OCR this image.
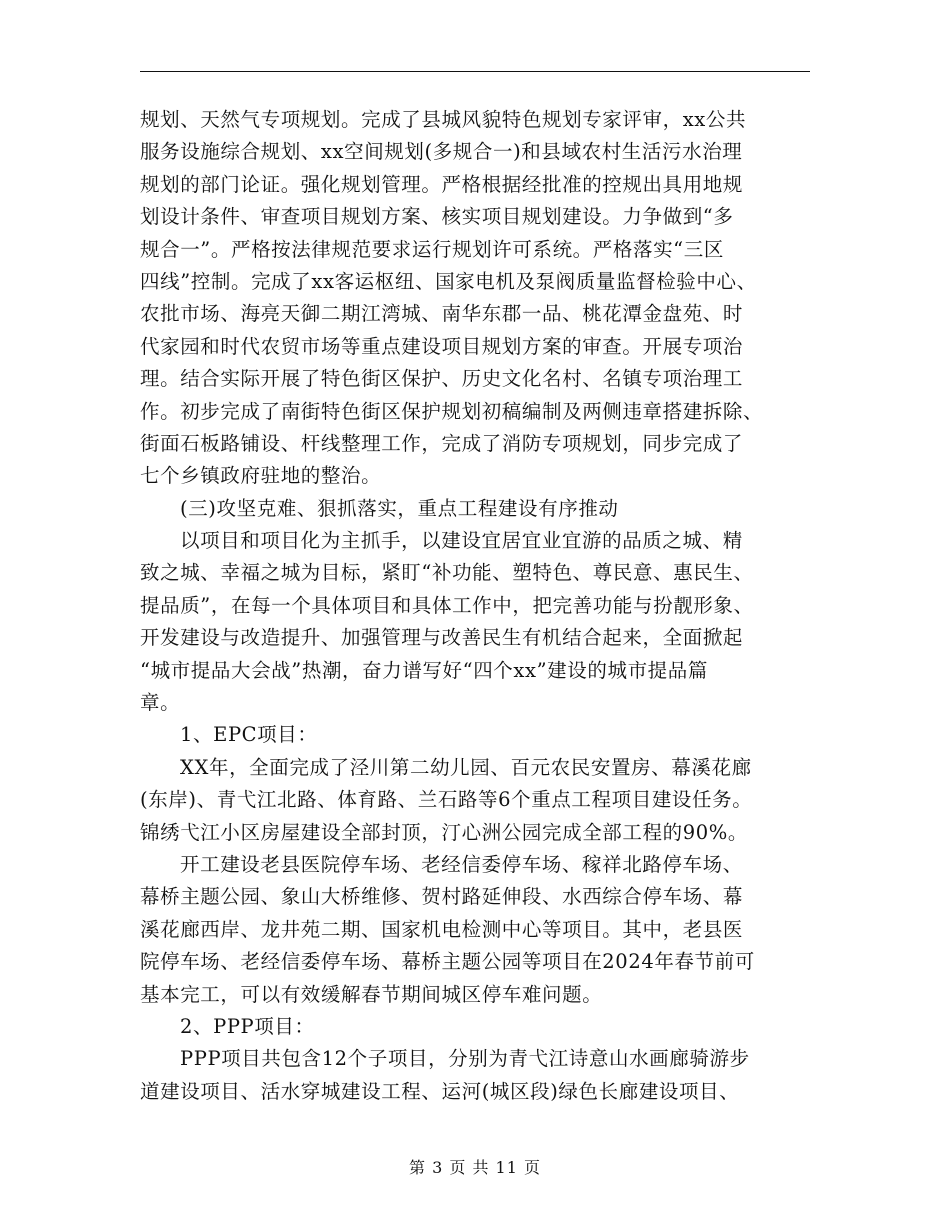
规划、天然气专项规划。完成了县城风貌特色规划专家评审，xx公共
服务设施综合规划、xx空间规划(多规合一)和县域农村生活污水治理
规划的部门论证。强化规划管理。严格根据经批准的控规出具用地规
划设计条件、审查项目规划方案、核实项目规划建设。力争做到“多
规合一”。严格按法律规范要求运行规划许可系统。严格落实“三区
四线”控制。完成了xx客运枢纽、国家电机及泵阀质量监督检验中心、
农批市场、海亮天御二期江湾城、南华东郡一品、桃花潭金盘苑、时
代家园和时代农贸市场等重点建设项目规划方案的审查。开展专项治
理。结合实际开展了特色街区保护、历史文化名村、名镇专项治理工
作。初步完成了南街特色街区保护规划初稿编制及两侧违章搭建拆除、
街面石板路铺设、杆线整理工作，完成了消防专项规划，同步完成了
七个乡镇政府驻地的整治。
(三)攻坚克难、狠抓落实，重点工程建设有序推动
以项目和项目化为主抓手，以建设宜居宜业宜游的品质之城、精
致之城、幸福之城为目标，紧盯“补功能、塑特色、尊民意、惠民生、
提品质”，在每一个具体项目和具体工作中，把完善功能与扮靓形象、
开发建设与改造提升、加强管理与改善民生有机结合起来，全面掀起
“城市提品大会战”热潮，奋力谱写好“四个xx”建设的城市提品篇
章。
1、EPC项目：
XX年，全面完成了泾川第二幼儿园、百元农民安置房、幕溪花廊
(东岸)、青弋江北路、体育路、兰石路等6个重点工程项目建设任务。
锦绣弋江小区房屋建设全部封顶，汀心洲公园完成全部工程的90%。
开工建设老县医院停车场、老经信委停车场、稼祥北路停车场、
幕桥主题公园、象山大桥维修、贺村路延伸段、水西综合停车场、幕
溪花廊西岸、龙井苑二期、国家机电检测中心等项目。其中，老县医
院停车场、老经信委停车场、幕桥主题公园等项目在2024年春节前可
基本完工，可以有效缓解春节期间城区停车难问题。
2、PPP项目：
PPP项目共包含12个子项目，分别为青弋江诗意山水画廊骑游步
道建设项目、活水穿城建设工程、运河(城区段)绿色长廊建设项目、
第 3 页 共 11 页
